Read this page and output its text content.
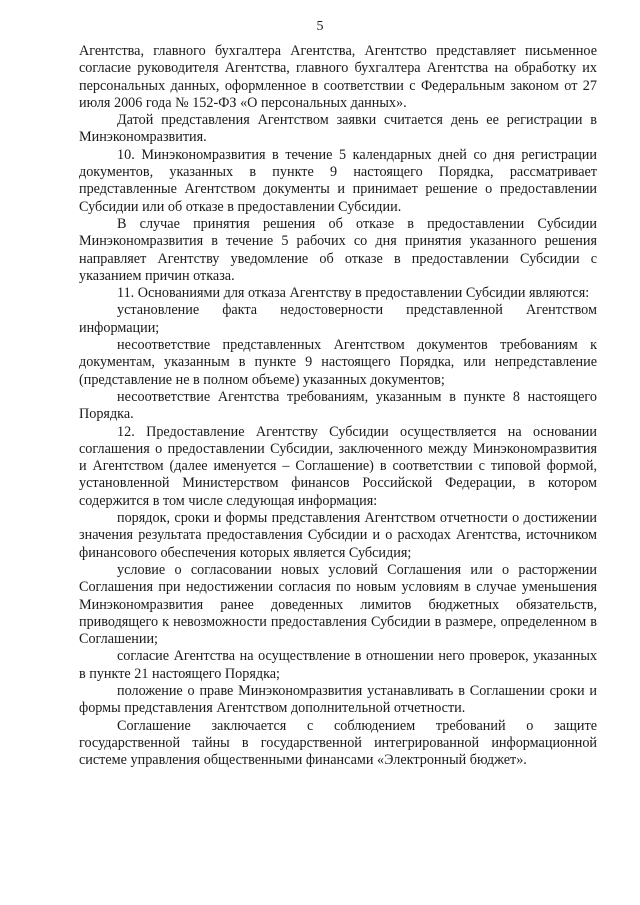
5

Агентства, главного бухгалтера Агентства, Агентство представляет письменное согласие руководителя Агентства, главного бухгалтера Агентства на обработку их персональных данных, оформленное в соответствии с Федеральным законом от 27 июля 2006 года № 152-ФЗ «О персональных данных».

Датой представления Агентством заявки считается день ее регистрации в Минэкономразвития.

10. Минэкономразвития в течение 5 календарных дней со дня регистрации документов, указанных в пункте 9 настоящего Порядка, рассматривает представленные Агентством документы и принимает решение о предоставлении Субсидии или об отказе в предоставлении Субсидии.

В случае принятия решения об отказе в предоставлении Субсидии Минэкономразвития в течение 5 рабочих со дня принятия указанного решения направляет Агентству уведомление об отказе в предоставлении Субсидии с указанием причин отказа.

11. Основаниями для отказа Агентству в предоставлении Субсидии являются:

установление факта недостоверности представленной Агентством информации;

несоответствие представленных Агентством документов требованиям к документам, указанным в пункте 9 настоящего Порядка, или непредставление (представление не в полном объеме) указанных документов;

несоответствие Агентства требованиям, указанным в пункте 8 настоящего Порядка.

12. Предоставление Агентству Субсидии осуществляется на основании соглашения о предоставлении Субсидии, заключенного между Минэкономразвития и Агентством (далее именуется – Соглашение) в соответствии с типовой формой, установленной Министерством финансов Российской Федерации, в котором содержится в том числе следующая информация:

порядок, сроки и формы представления Агентством отчетности о достижении значения результата предоставления Субсидии и о расходах Агентства, источником финансового обеспечения которых является Субсидия;

условие о согласовании новых условий Соглашения или о расторжении Соглашения при недостижении согласия по новым условиям в случае уменьшения Минэкономразвития ранее доведенных лимитов бюджетных обязательств, приводящего к невозможности предоставления Субсидии в размере, определенном в Соглашении;

согласие Агентства на осуществление в отношении него проверок, указанных в пункте 21 настоящего Порядка;

положение о праве Минэкономразвития устанавливать в Соглашении сроки и формы представления Агентством дополнительной отчетности.

Соглашение заключается с соблюдением требований о защите государственной тайны в государственной интегрированной информационной системе управления общественными финансами «Электронный бюджет».
